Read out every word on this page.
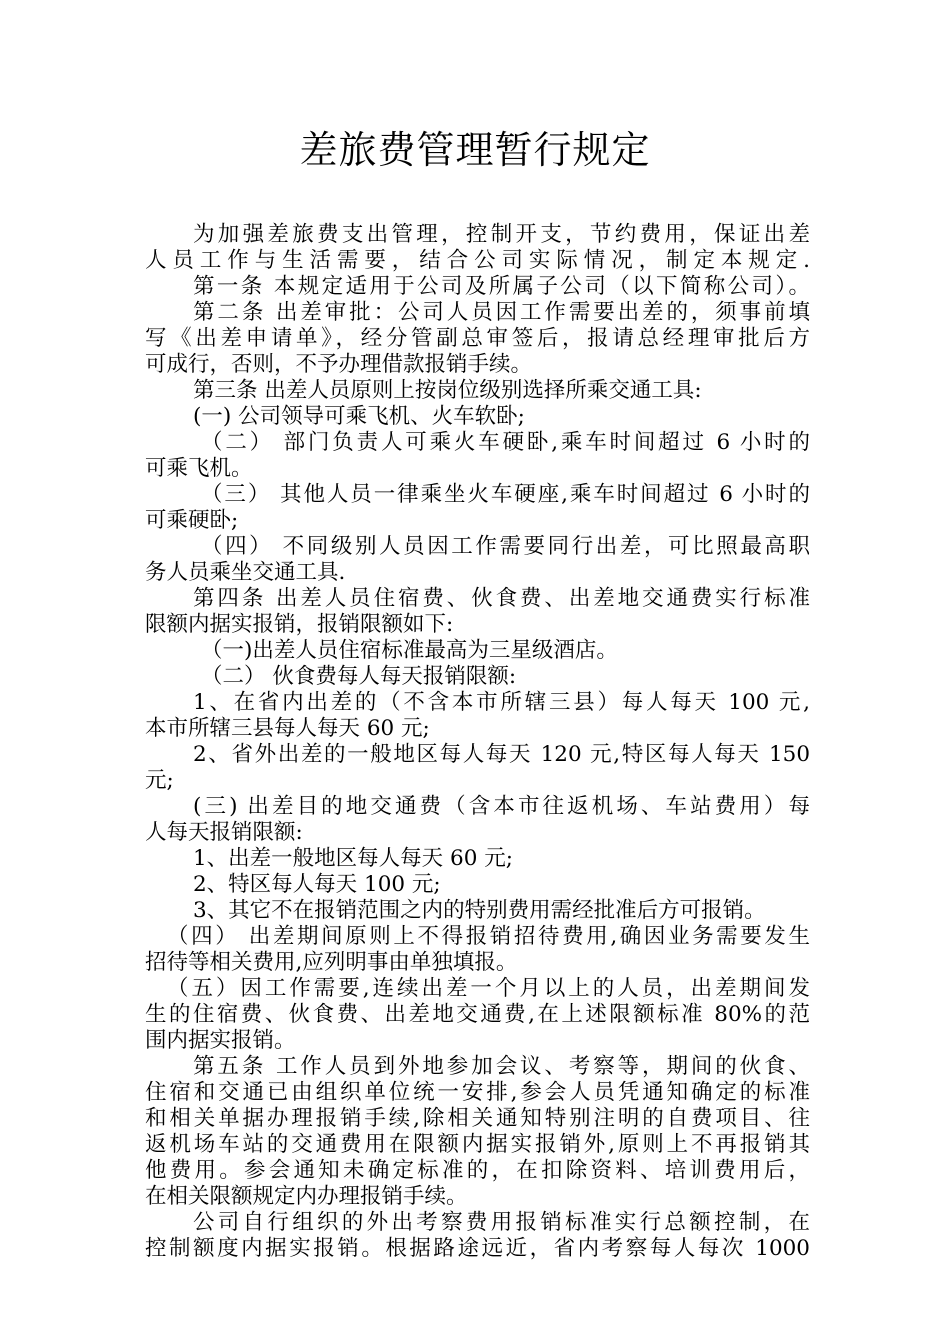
差旅费管理暂行规定
为加强差旅费支出管理，控制开支，节约费用，保证出差
人员工作与生活需要，结合公司实际情况，制定本规定.
第一条 本规定适用于公司及所属子公司（以下简称公司）。
第二条 出差审批：公司人员因工作需要出差的，须事前填
写《出差申请单》，经分管副总审签后，报请总经理审批后方
可成行，否则，不予办理借款报销手续。
第三条 出差人员原则上按岗位级别选择所乘交通工具:
(一) 公司领导可乘飞机、火车软卧;
（二） 部门负责人可乘火车硬卧,乘车时间超过 6 小时的
可乘飞机。
（三） 其他人员一律乘坐火车硬座,乘车时间超过 6 小时的
可乘硬卧;
（四） 不同级别人员因工作需要同行出差，可比照最高职
务人员乘坐交通工具.
第四条 出差人员住宿费、伙食费、出差地交通费实行标准
限额内据实报销，报销限额如下:
（一)出差人员住宿标准最高为三星级酒店。
（二） 伙食费每人每天报销限额:
1、在省内出差的（不含本市所辖三县）每人每天 100 元,
本市所辖三县每人每天 60 元;
2、省外出差的一般地区每人每天 120 元,特区每人每天 150
元;
(三) 出差目的地交通费（含本市往返机场、车站费用）每
人每天报销限额:
1、出差一般地区每人每天 60 元;
2、特区每人每天 100 元;
3、其它不在报销范围之内的特别费用需经批准后方可报销。
（四） 出差期间原则上不得报销招待费用,确因业务需要发生
招待等相关费用,应列明事由单独填报。
（五）因工作需要,连续出差一个月以上的人员，出差期间发
生的住宿费、伙食费、出差地交通费,在上述限额标准 80%的范
围内据实报销。
第五条 工作人员到外地参加会议、考察等，期间的伙食、
住宿和交通已由组织单位统一安排,参会人员凭通知确定的标准
和相关单据办理报销手续,除相关通知特别注明的自费项目、往
返机场车站的交通费用在限额内据实报销外,原则上不再报销其
他费用。参会通知未确定标准的，在扣除资料、培训费用后，
在相关限额规定内办理报销手续。
公司自行组织的外出考察费用报销标准实行总额控制，在
控制额度内据实报销。根据路途远近，省内考察每人每次 1000
